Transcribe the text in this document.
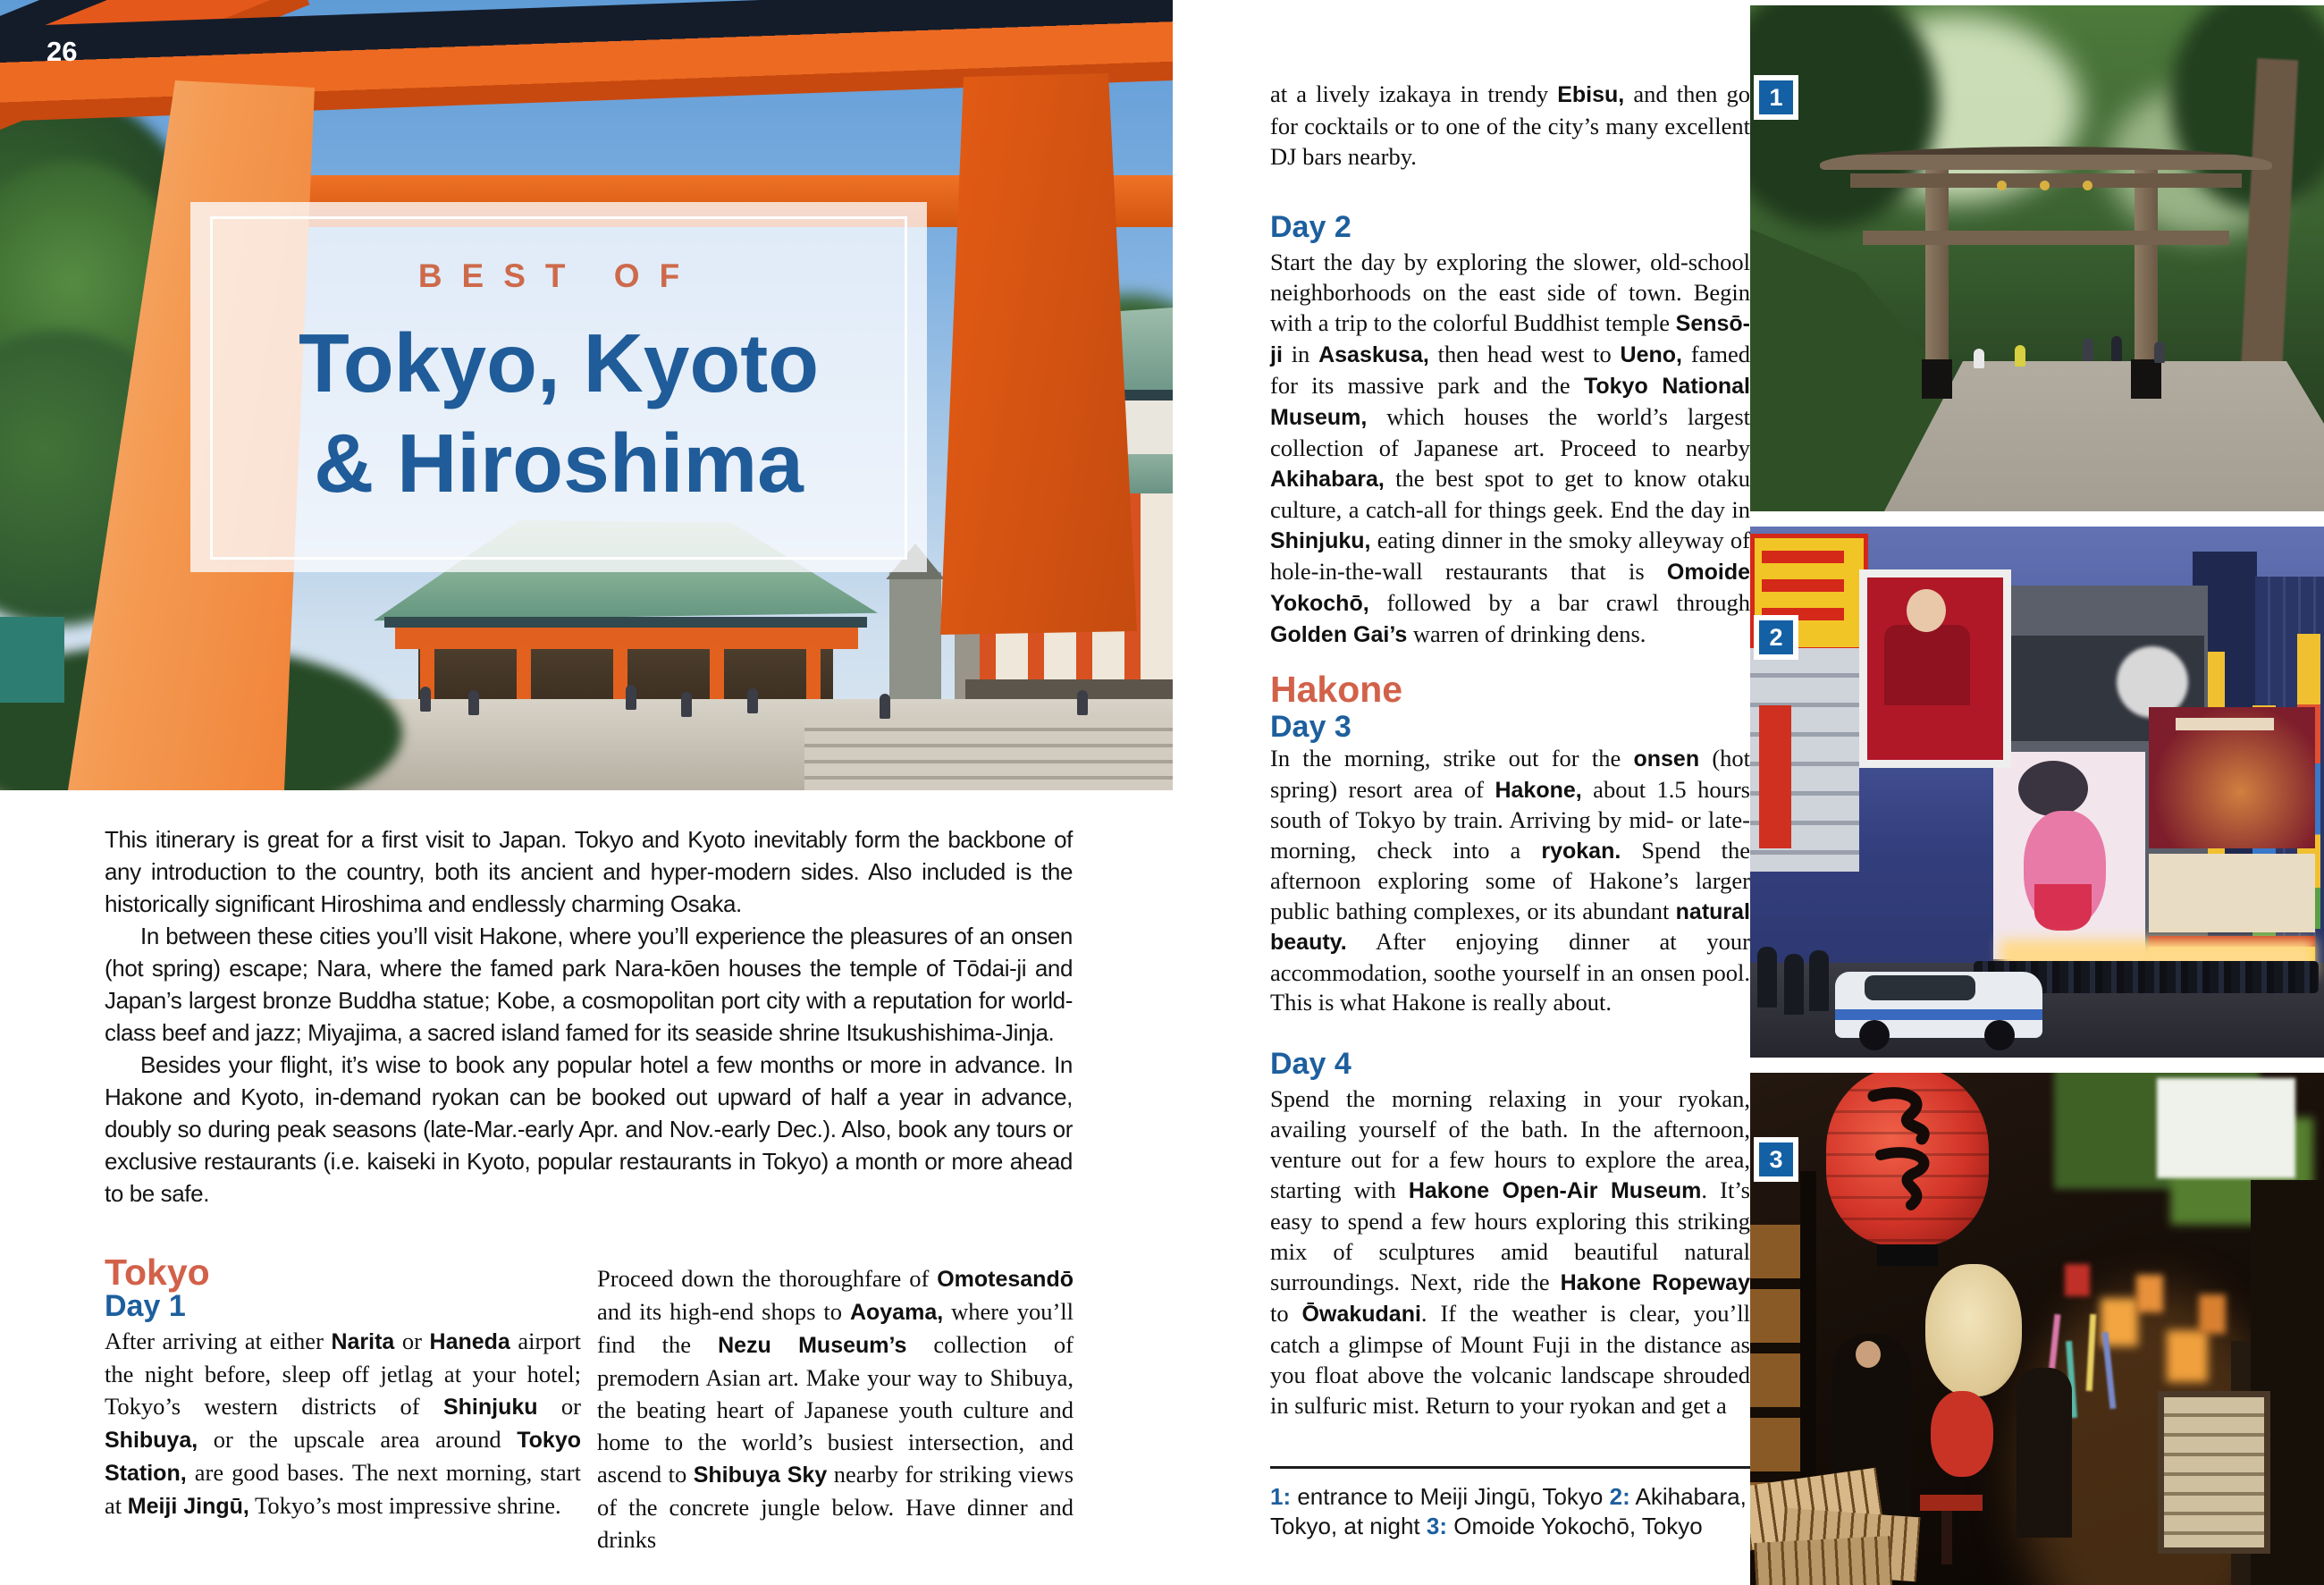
26
BEST OF
Tokyo, Kyoto
& Hiroshima

This itinerary is great for a first visit to Japan. Tokyo and Kyoto inevitably form the backbone of any introduction to the country, both its ancient and hyper-modern sides. Also included is the historically significant Hiroshima and endlessly charming Osaka.

In between these cities you’ll visit Hakone, where you’ll experience the pleasures of an onsen (hot spring) escape; Nara, where the famed park Nara-kōen houses the temple of Tōdai-ji and Japan’s largest bronze Buddha statue; Kobe, a cosmopolitan port city with a reputation for world-class beef and jazz; Miyajima, a sacred island famed for its seaside shrine Itsukushishima-Jinja.

Besides your flight, it’s wise to book any popular hotel a few months or more in advance. In Hakone and Kyoto, in-demand ryokan can be booked out upward of half a year in advance, doubly so during peak seasons (late-Mar.-early Apr. and Nov.-early Dec.). Also, book any tours or exclusive restaurants (i.e. kaiseki in Kyoto, popular restaurants in Tokyo) a month or more ahead to be safe.

Tokyo
Day 1
After arriving at either Narita or Haneda airport the night before, sleep off jetlag at your hotel; Tokyo’s western districts of Shinjuku or Shibuya, or the upscale area around Tokyo Station, are good bases. The next morning, start at Meiji Jingū, Tokyo’s most impressive shrine.
Proceed down the thoroughfare of Omotesandō and its high-end shops to Aoyama, where you’ll find the Nezu Museum’s collection of premodern Asian art. Make your way to Shibuya, the beating heart of Japanese youth culture and home to the world’s busiest intersection, and ascend to Shibuya Sky nearby for striking views of the concrete jungle below. Have dinner and drinks
at a lively izakaya in trendy Ebisu, and then go for cocktails or to one of the city’s many excellent DJ bars nearby.
Day 2
Start the day by exploring the slower, old-school neighborhoods on the east side of town. Begin with a trip to the colorful Buddhist temple Sensō-ji in Asaskusa, then head west to Ueno, famed for its massive park and the Tokyo National Museum, which houses the world’s largest collection of Japanese art. Proceed to nearby Akihabara, the best spot to get to know otaku culture, a catch-all for things geek. End the day in Shinjuku, eating dinner in the smoky alleyway of hole-in-the-wall restaurants that is Omoide Yokochō, followed by a bar crawl through Golden Gai’s warren of drinking dens.
Hakone
Day 3
In the morning, strike out for the onsen (hot spring) resort area of Hakone, about 1.5 hours south of Tokyo by train. Arriving by mid- or late-morning, check into a ryokan. Spend the afternoon exploring some of Hakone’s larger public bathing complexes, or its abundant natural beauty. After enjoying dinner at your accommodation, soothe yourself in an onsen pool. This is what Hakone is really about.
Day 4
Spend the morning relaxing in your ryokan, availing yourself of the bath. In the afternoon, venture out for a few hours to explore the area, starting with Hakone Open-Air Museum. It’s easy to spend a few hours exploring this striking mix of sculptures amid beautiful natural surroundings. Next, ride the Hakone Ropeway to Ōwakudani. If the weather is clear, you’ll catch a glimpse of Mount Fuji in the distance as you float above the volcanic landscape shrouded in sulfuric mist. Return to your ryokan and get a
1: entrance to Meiji Jingū, Tokyo 2: Akihabara, Tokyo, at night 3: Omoide Yokochō, Tokyo
1
2
3
